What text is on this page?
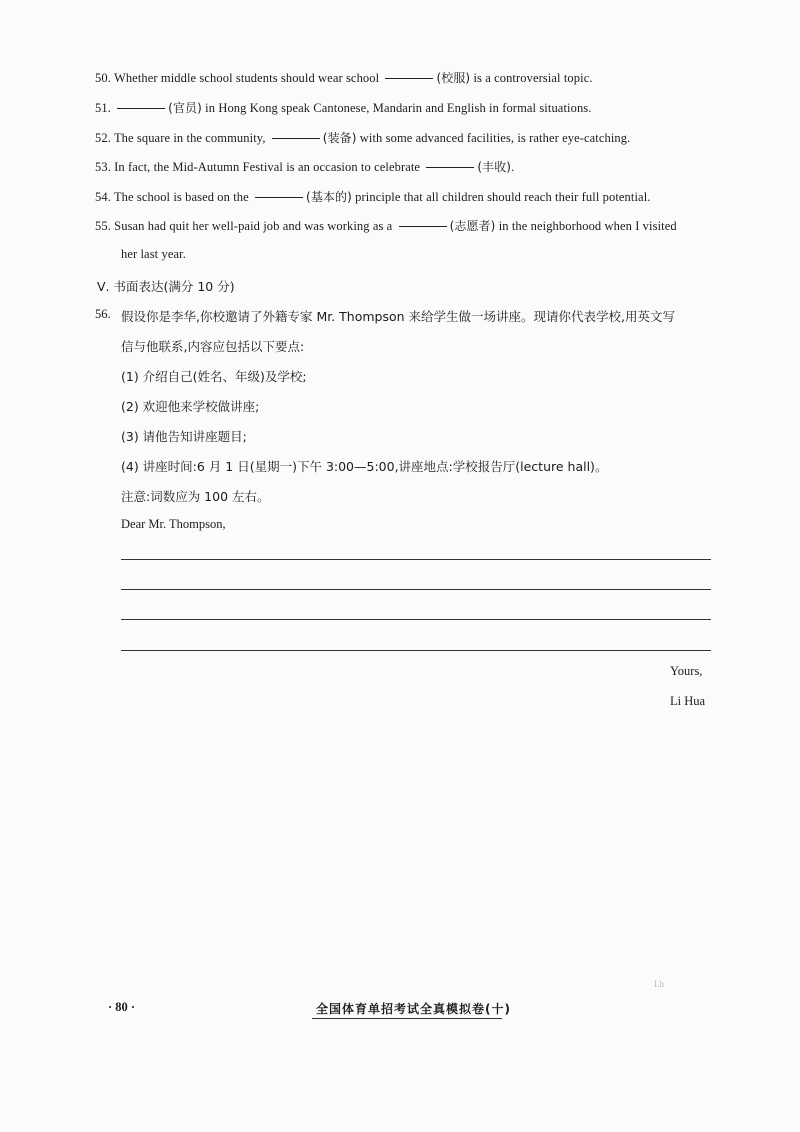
50. Whether middle school students should wear school	(校服) is a controversial topic.
51.	(官员) in Hong Kong speak Cantonese, Mandarin and English in formal situations.
52. The square in the community,	(装备) with some advanced facilities, is rather eye-catching.
53. In fact, the Mid-Autumn Festival is an occasion to celebrate	(丰收).
54. The school is based on the	(基本的) principle that all children should reach their full potential.
55. Susan had quit her well-paid job and was working as a	(志愿者) in the neighborhood when I visited
her last year.
Ⅴ. 书面表达(满分 10 分)
56. 假设你是李华,你校邀请了外籍专家 Mr. Thompson 来给学生做一场讲座。现请你代表学校,用英文写
信与他联系,内容应包括以下要点:
(1) 介绍自己(姓名、年级)及学校;
(2) 欢迎他来学校做讲座;
(3) 请他告知讲座题目;
(4) 讲座时间:6 月 1 日(星期一)下午 3:00—5:00,讲座地点:学校报告厅(lecture hall)。
注意:词数应为 100 左右。
Dear Mr. Thompson,
Yours,
Li Hua
· 80 ·	全国体育单招考试全真模拟卷(十)
Lh
